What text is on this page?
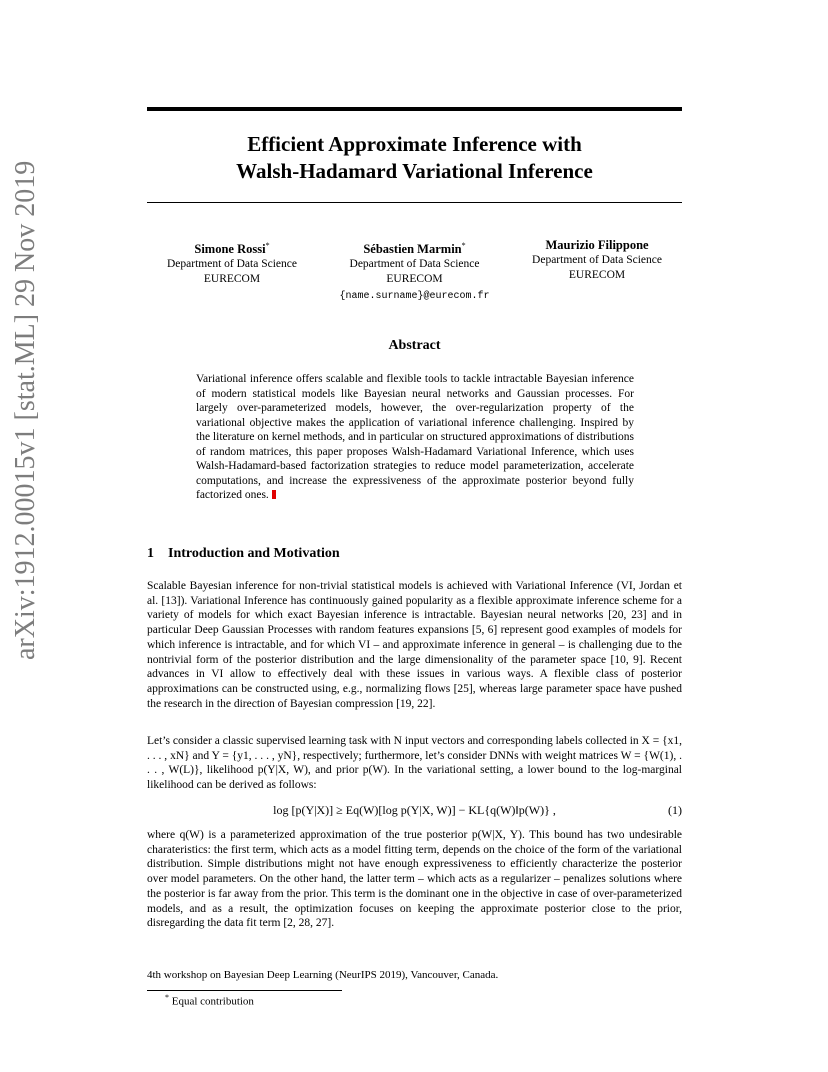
arXiv:1912.00015v1 [stat.ML] 29 Nov 2019
Efficient Approximate Inference with
Walsh-Hadamard Variational Inference
Simone Rossi*
Department of Data Science
EURECOM
Sébastien Marmin*
Department of Data Science
EURECOM
{name.surname}@eurecom.fr
Maurizio Filippone
Department of Data Science
EURECOM
Abstract
Variational inference offers scalable and flexible tools to tackle intractable Bayesian inference of modern statistical models like Bayesian neural networks and Gaussian processes. For largely over-parameterized models, however, the over-regularization property of the variational objective makes the application of variational inference challenging. Inspired by the literature on kernel methods, and in particular on structured approximations of distributions of random matrices, this paper proposes Walsh-Hadamard Variational Inference, which uses Walsh-Hadamard-based factorization strategies to reduce model parameterization, accelerate computations, and increase the expressiveness of the approximate posterior beyond fully factorized ones.
1 Introduction and Motivation
Scalable Bayesian inference for non-trivial statistical models is achieved with Variational Inference (VI, Jordan et al. [13]). Variational Inference has continuously gained popularity as a flexible approximate inference scheme for a variety of models for which exact Bayesian inference is intractable. Bayesian neural networks [20, 23] and in particular Deep Gaussian Processes with random features expansions [5, 6] represent good examples of models for which inference is intractable, and for which VI – and approximate inference in general – is challenging due to the nontrivial form of the posterior distribution and the large dimensionality of the parameter space [10, 9]. Recent advances in VI allow to effectively deal with these issues in various ways. A flexible class of posterior approximations can be constructed using, e.g., normalizing flows [25], whereas large parameter space have pushed the research in the direction of Bayesian compression [19, 22].
Let’s consider a classic supervised learning task with N input vectors and corresponding labels collected in X = {x1, . . . , xN} and Y = {y1, . . . , yN}, respectively; furthermore, let’s consider DNNs with weight matrices W = {W(1), . . . , W(L)}, likelihood p(Y|X, W), and prior p(W). In the variational setting, a lower bound to the log-marginal likelihood can be derived as follows:
log [p(Y|X)] ≥ Eq(W)[log p(Y|X, W)] − KL{q(W)‖p(W)} ,	(1)
where q(W) is a parameterized approximation of the true posterior p(W|X, Y). This bound has two undesirable charateristics: the first term, which acts as a model fitting term, depends on the choice of the form of the variational distribution. Simple distributions might not have enough expressiveness to efficiently characterize the posterior over model parameters. On the other hand, the latter term – which acts as a regularizer – penalizes solutions where the posterior is far away from the prior. This term is the dominant one in the objective in case of over-parameterized models, and as a result, the optimization focuses on keeping the approximate posterior close to the prior, disregarding the data fit term [2, 28, 27].
4th workshop on Bayesian Deep Learning (NeurIPS 2019), Vancouver, Canada.
* Equal contribution
